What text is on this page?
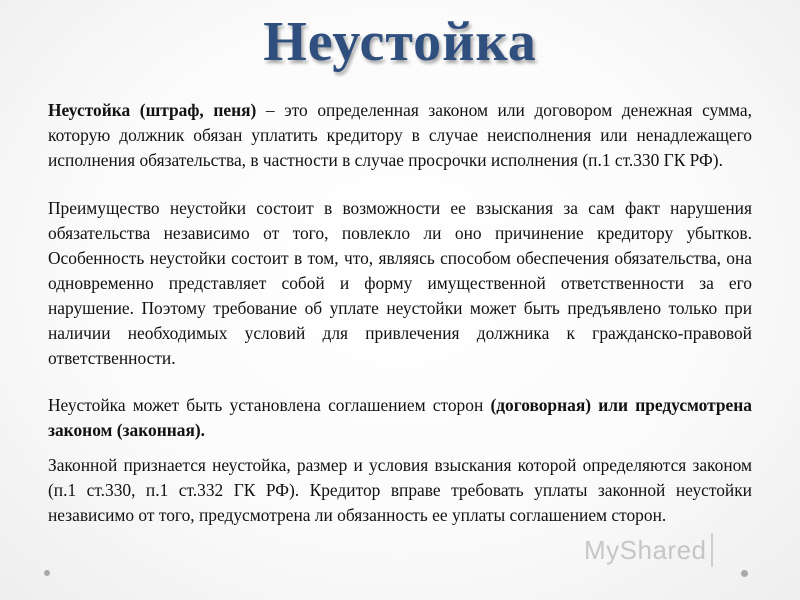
Неустойка

Неустойка (штраф, пеня) – это определенная законом или договором денежная сумма, которую должник обязан уплатить кредитору в случае неисполнения или ненадлежащего исполнения обязательства, в частности в случае просрочки исполнения (п.1 ст.330 ГК РФ).

Преимущество неустойки состоит в возможности ее взыскания за сам факт нарушения обязательства независимо от того, повлекло ли оно причинение кредитору убытков. Особенность неустойки состоит в том, что, являясь способом обеспечения обязательства, она одновременно представляет собой и форму имущественной ответственности за его нарушение. Поэтому требование об уплате неустойки может быть предъявлено только при наличии необходимых условий для привлечения должника к гражданско-правовой ответственности.

Неустойка может быть установлена соглашением сторон (договорная) или предусмотрена законом (законная).

Законной признается неустойка, размер и условия взыскания которой определяются законом (п.1 ст.330, п.1 ст.332 ГК РФ). Кредитор вправе требовать уплаты законной неустойки независимо от того, предусмотрена ли обязанность ее уплаты соглашением сторон.

MyShared
